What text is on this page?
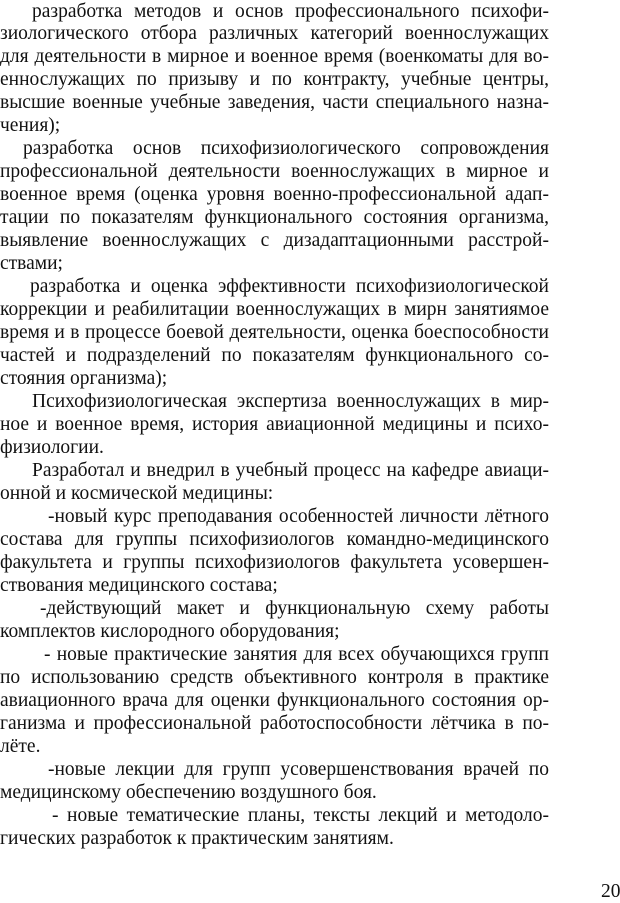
разработка методов и основ профессионального психофи-
зиологического отбора различных категорий военнослужащих
для деятельности в мирное и военное время (военкоматы для во-
еннослужащих по призыву и по контракту, учебные центры,
высшие военные учебные заведения, части специального назна-
чения);
разработка основ психофизиологического сопровождения
профессиональной деятельности военнослужащих в мирное и
военное время (оценка уровня военно-профессиональной адап-
тации по показателям функционального состояния организма,
выявление военнослужащих с дизадаптационными расстрой-
ствами;
разработка и оценка эффективности психофизиологической
коррекции и реабилитации военнослужащих в мирн занятиямое
время и в процессе боевой деятельности, оценка боеспособности
частей и подразделений по показателям функционального со-
стояния организма);
Психофизиологическая экспертиза военнослужащих в мир-
ное и военное время, история авиационной медицины и психо-
физиологии.
Разработал и внедрил в учебный процесс на кафедре авиаци-
онной и космической медицины:
-новый курс преподавания особенностей личности лётного
состава для группы психофизиологов командно-медицинского
факультета и группы психофизиологов факультета усовершен-
ствования медицинского состава;
-действующий макет и функциональную схему работы
комплектов кислородного оборудования;
- новые практические занятия для всех обучающихся групп
по использованию средств объективного контроля в практике
авиационного врача для оценки функционального состояния ор-
ганизма и профессиональной работоспособности лётчика в по-
лёте.
-новые лекции для групп усовершенствования врачей по
медицинскому обеспечению воздушного боя.
- новые тематические планы, тексты лекций и методоло-
гических разработок к практическим занятиям.
20
